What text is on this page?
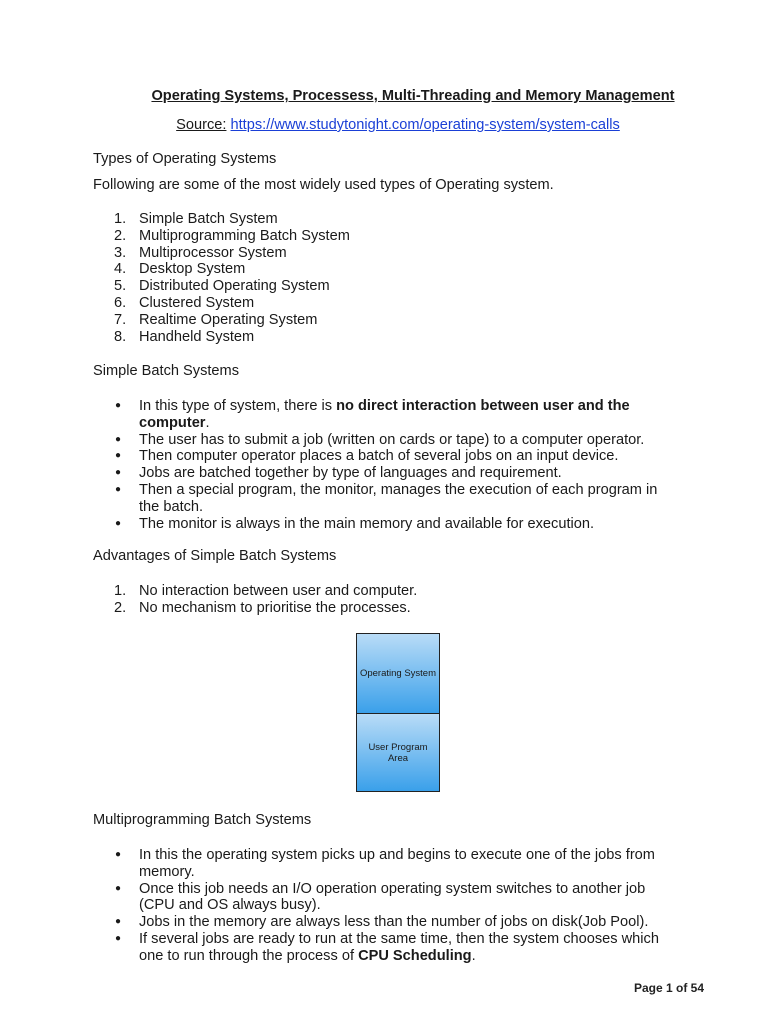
Operating Systems, Processess, Multi-Threading and Memory Management
Source: https://www.studytonight.com/operating-system/system-calls

Types of Operating Systems

Following are some of the most widely used types of Operating system.

1. Simple Batch System
2. Multiprogramming Batch System
3. Multiprocessor System
4. Desktop System
5. Distributed Operating System
6. Clustered System
7. Realtime Operating System
8. Handheld System

Simple Batch Systems

● In this type of system, there is no direct interaction between user and the
computer.
● The user has to submit a job (written on cards or tape) to a computer operator.
● Then computer operator places a batch of several jobs on an input device.
● Jobs are batched together by type of languages and requirement.
● Then a special program, the monitor, manages the execution of each program in
the batch.
● The monitor is always in the main memory and available for execution.

Advantages of Simple Batch Systems

1. No interaction between user and computer.
2. No mechanism to prioritise the processes.
Operating System
User Program
Area

Multiprogramming Batch Systems

● In this the operating system picks up and begins to execute one of the jobs from
memory.
● Once this job needs an I/O operation operating system switches to another job
(CPU and OS always busy).
● Jobs in the memory are always less than the number of jobs on disk(Job Pool).
● If several jobs are ready to run at the same time, then the system chooses which
one to run through the process of CPU Scheduling.
Page 1 of 54
